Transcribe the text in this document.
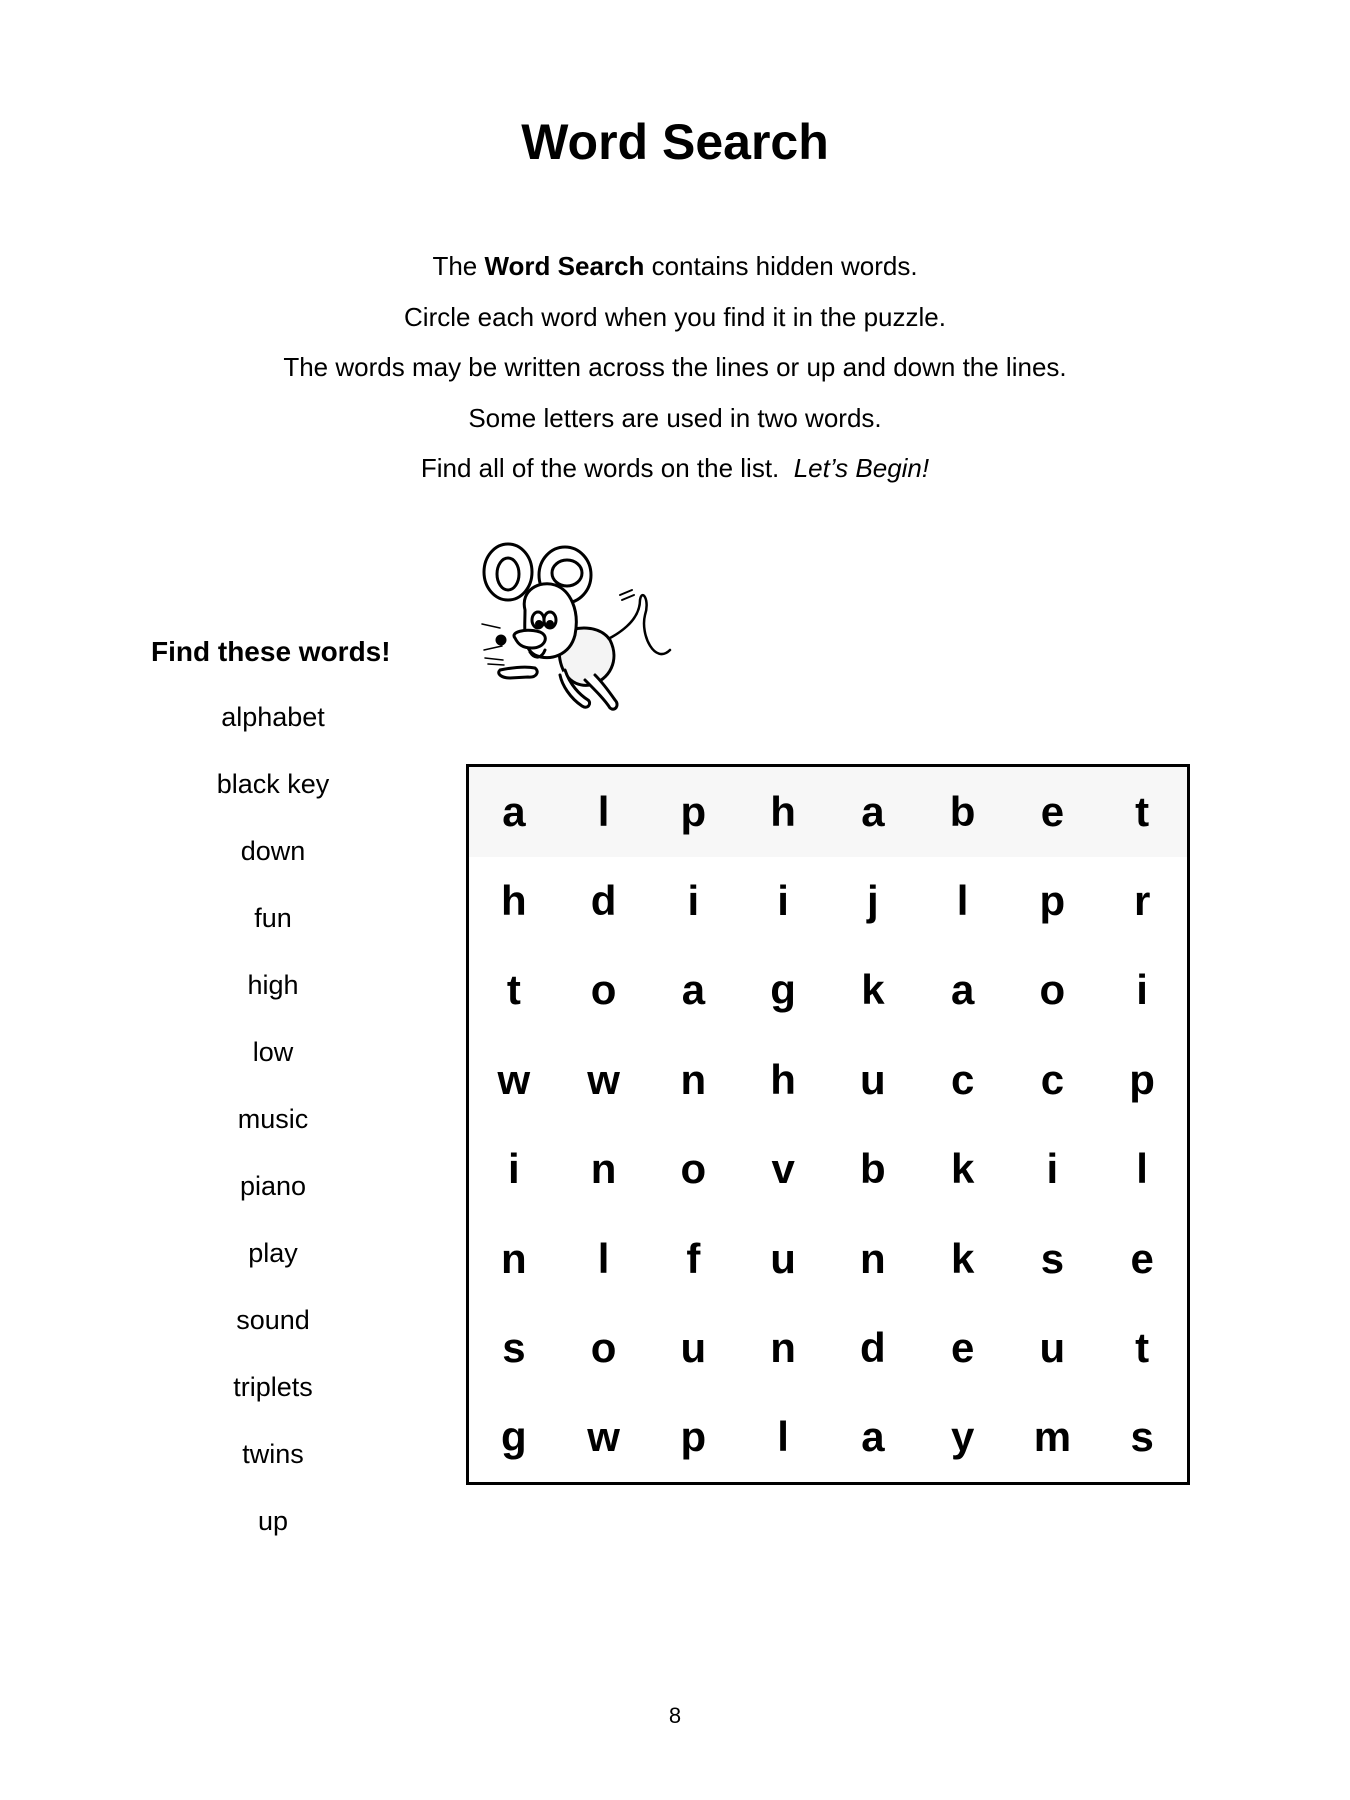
Word Search
The Word Search contains hidden words.
Circle each word when you find it in the puzzle.
The words may be written across the lines or up and down the lines.
Some letters are used in two words.
Find all of the words on the list.  Let’s Begin!
Find these words!
alphabet
black key
down
fun
high
low
music
piano
play
sound
triplets
twins
up
a	l	p	h	a	b	e	t
h	d	i	i	j	l	p	r
t	o	a	g	k	a	o	i
w	w	n	h	u	c	c	p
i	n	o	v	b	k	i	l
n	l	f	u	n	k	s	e
s	o	u	n	d	e	u	t
g	w	p	l	a	y	m	s
8
